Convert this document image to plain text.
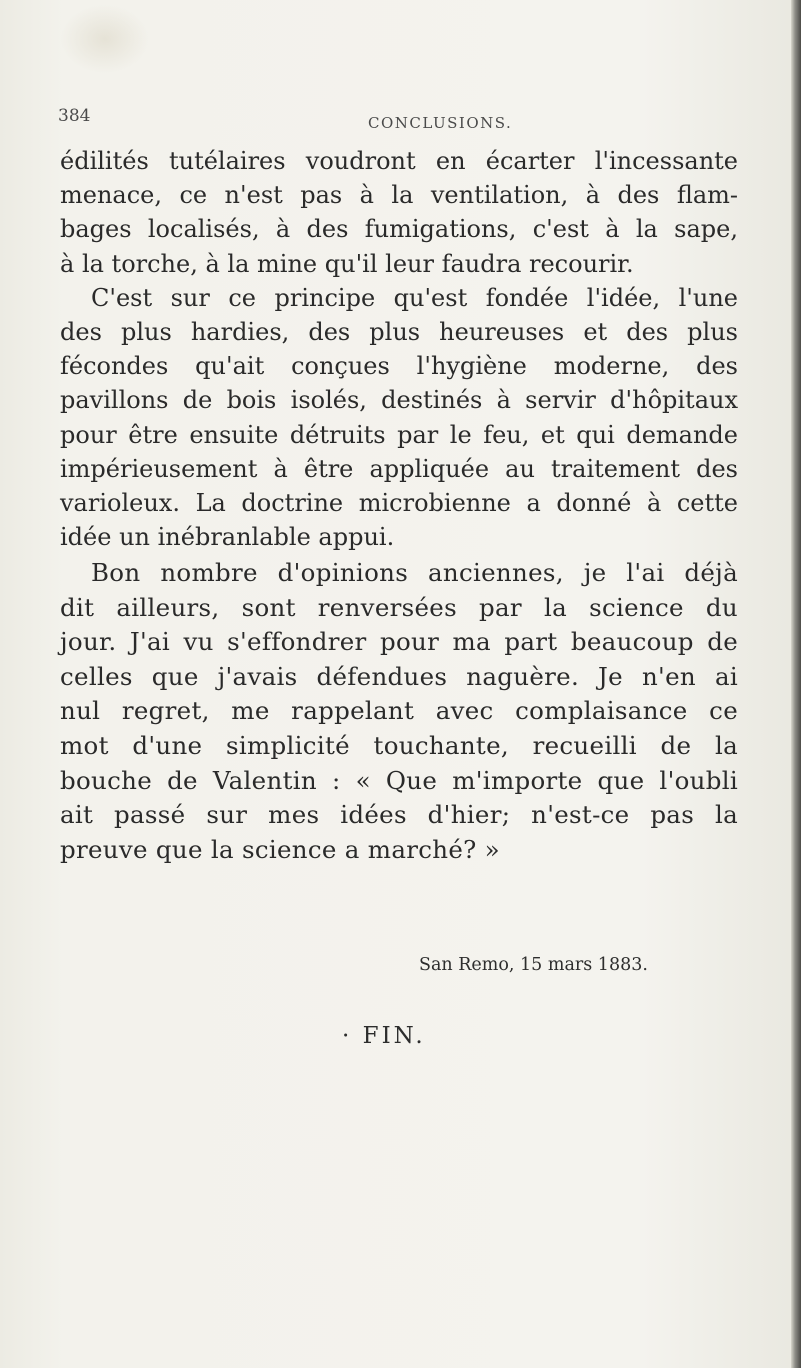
384	CONCLUSIONS.
édilités tutélaires voudront en écarter l'incessante
menace, ce n'est pas à la ventilation, à des flam-
bages localisés, à des fumigations, c'est à la sape,
à la torche, à la mine qu'il leur faudra recourir.
C'est sur ce principe qu'est fondée l'idée, l'une
des plus hardies, des plus heureuses et des plus
fécondes qu'ait conçues l'hygiène moderne, des
pavillons de bois isolés, destinés à servir d'hôpitaux
pour être ensuite détruits par le feu, et qui demande
impérieusement à être appliquée au traitement des
varioleux. La doctrine microbienne a donné à cette
idée un inébranlable appui.
Bon nombre d'opinions anciennes, je l'ai déjà
dit ailleurs, sont renversées par la science du
jour. J'ai vu s'effondrer pour ma part beaucoup de
celles que j'avais défendues naguère. Je n'en ai
nul regret, me rappelant avec complaisance ce
mot d'une simplicité touchante, recueilli de la
bouche de Valentin : « Que m'importe que l'oubli
ait passé sur mes idées d'hier; n'est-ce pas la
preuve que la science a marché? »
San Remo, 15 mars 1883.
· FIN.
